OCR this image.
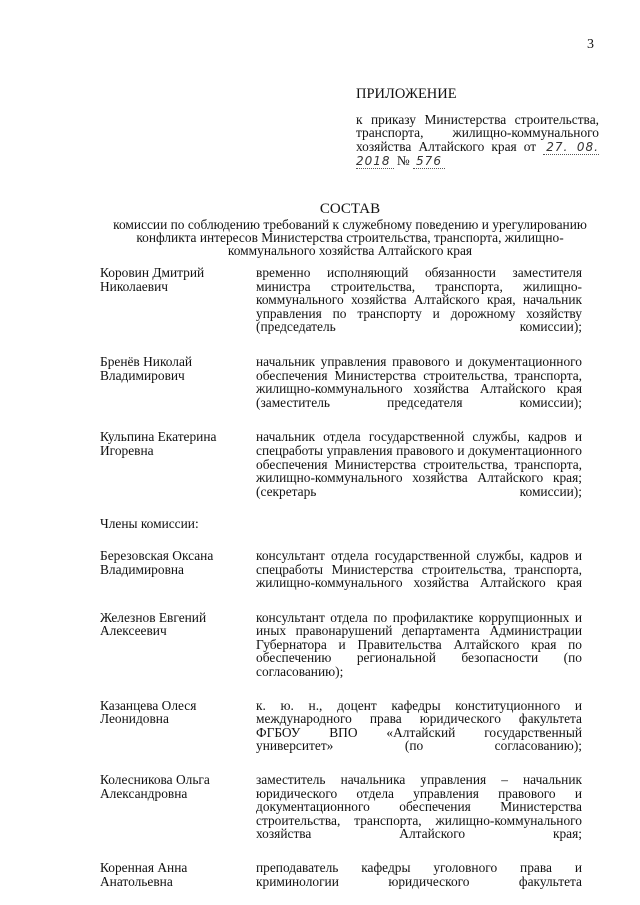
3
ПРИЛОЖЕНИЕ
к приказу Министерства строительства, транспорта, жилищно-коммунального хозяйства Алтайского края от 27. 08. 2018 № 576
СОСТАВ
комиссии по соблюдению требований к служебному поведению и урегулированию конфликта интересов Министерства строительства, транспорта, жилищно-коммунального хозяйства Алтайского края
Коровин Дмитрий Николаевич
временно исполняющий обязанности заместителя министра строительства, транспорта, жилищно-коммунального хозяйства Алтайского края, начальник управления по транспорту и дорожному хозяйству (председатель комиссии);
Бренёв Николай Владимирович
начальник управления правового и документационного обеспечения Министерства строительства, транспорта, жилищно-коммунального хозяйства Алтайского края (заместитель председателя комиссии);
Кульпина Екатерина Игоревна
начальник отдела государственной службы, кадров и спецработы управления правового и документационного обеспечения Министерства строительства, транспорта, жилищно-коммунального хозяйства Алтайского края; (секретарь комиссии);
Члены комиссии:
Березовская Оксана Владимировна
консультант отдела государственной службы, кадров и спецработы Министерства строительства, транспорта, жилищно-коммунального хозяйства Алтайского края
Железнов Евгений Алексеевич
консультант отдела по профилактике коррупционных и иных правонарушений департамента Администрации Губернатора и Правительства Алтайского края по обеспечению региональной безопасности (по согласованию);
Казанцева Олеся Леонидовна
к. ю. н., доцент кафедры конституционного и международного права юридического факультета ФГБОУ ВПО «Алтайский государственный университет» (по согласованию);
Колесникова Ольга Александровна
заместитель начальника управления – начальник юридического отдела управления правового и документационного обеспечения Министерства строительства, транспорта, жилищно-коммунального хозяйства Алтайского края;
Коренная Анна Анатольевна
преподаватель кафедры уголовного права и криминологии юридического факультета
